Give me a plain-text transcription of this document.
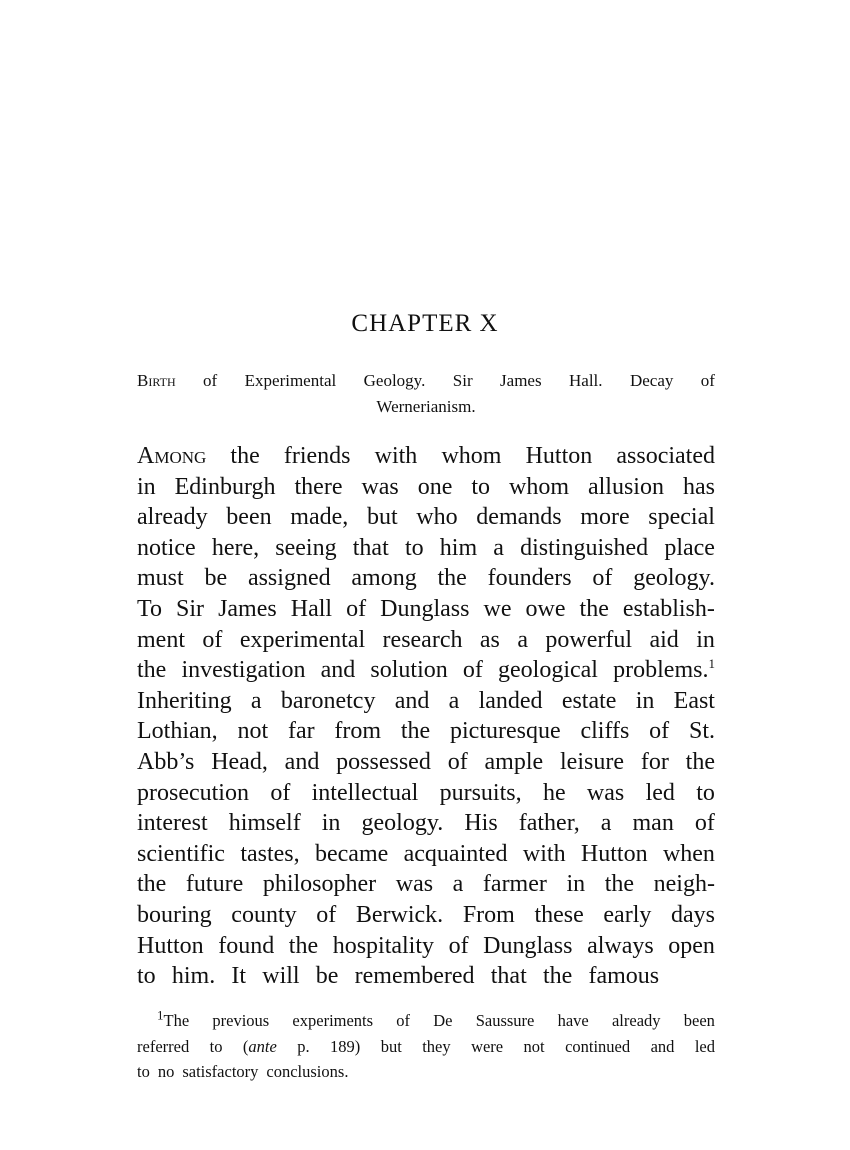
CHAPTER X
Birth of Experimental Geology. Sir James Hall. Decay of
Wernerianism.
Among the friends with whom Hutton associated
in Edinburgh there was one to whom allusion has
already been made, but who demands more special
notice here, seeing that to him a distinguished place
must be assigned among the founders of geology.
To Sir James Hall of Dunglass we owe the establish-
ment of experimental research as a powerful aid in
the investigation and solution of geological problems.$^1$
Inheriting a baronetcy and a landed estate in East
Lothian, not far from the picturesque cliffs of St.
Abb’s Head, and possessed of ample leisure for the
prosecution of intellectual pursuits, he was led to
interest himself in geology. His father, a man of
scientific tastes, became acquainted with Hutton when
the future philosopher was a farmer in the neigh-
bouring county of Berwick. From these early days
Hutton found the hospitality of Dunglass always open
to him. It will be remembered that the famous
$^1$The previous experiments of De Saussure have already been
referred to (ante p. 189) but they were not continued and led
to no satisfactory conclusions.
